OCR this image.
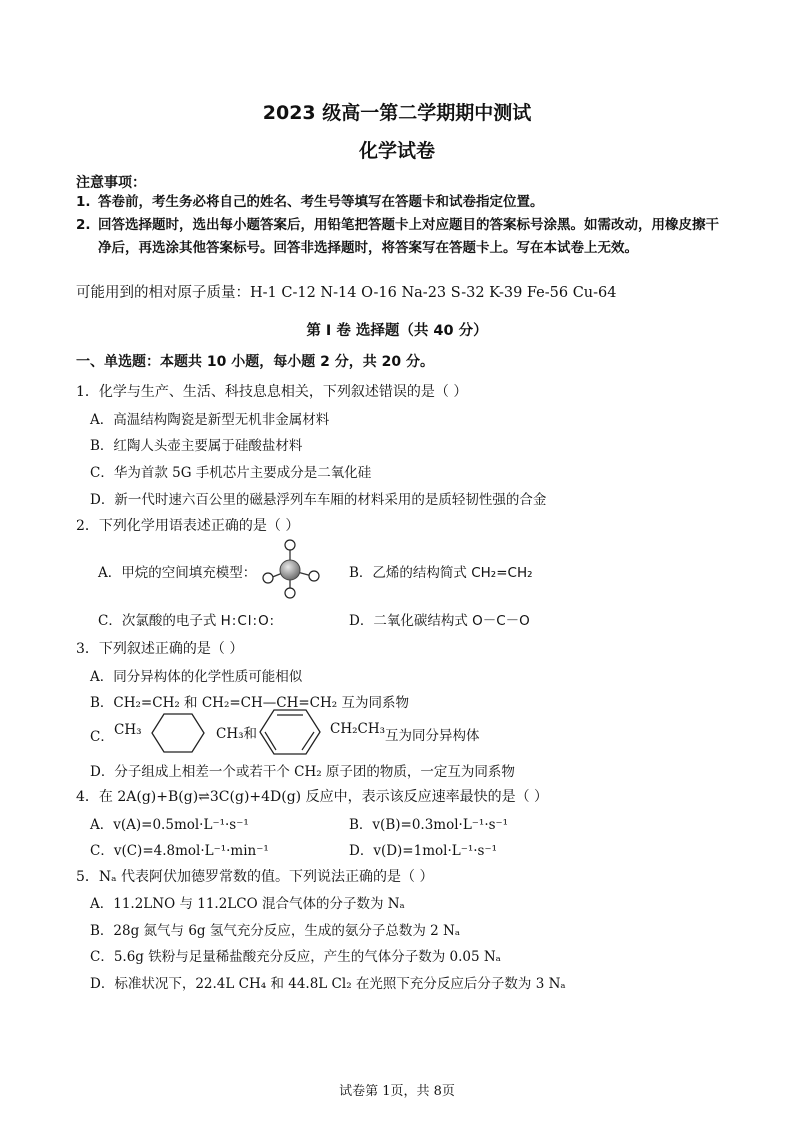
2023 级高一第二学期期中测试
化学试卷
注意事项：
1. 答卷前，考生务必将自己的姓名、考生号等填写在答题卡和试卷指定位置。
2. 回答选择题时，选出每小题答案后，用铅笔把答题卡上对应题目的答案标号涂黑。如需改动，用橡皮擦干净后，再选涂其他答案标号。回答非选择题时，将答案写在答题卡上。写在本试卷上无效。
可能用到的相对原子质量：H-1 C-12 N-14 O-16 Na-23 S-32 K-39 Fe-56 Cu-64
第 Ⅰ 卷 选择题（共 40 分）
一、单选题：本题共 10 小题，每小题 2 分，共 20 分。
1．化学与生产、生活、科技息息相关，下列叙述错误的是（ ）
A．高温结构陶瓷是新型无机非金属材料
B．红陶人头壶主要属于硅酸盐材料
C．华为首款 5G 手机芯片主要成分是二氧化硅
D．新一代时速六百公里的磁悬浮列车车厢的材料采用的是质轻韧性强的合金
2．下列化学用语表述正确的是（ ）
A．甲烷的空间填充模型：	B．乙烯的结构简式 CH₂=CH₂
C．次氯酸的电子式 H:Cl:O:	D．二氧化碳结构式 O－C－O
3．下列叙述正确的是（ ）
A．同分异构体的化学性质可能相似
B．CH₂=CH₂ 和 CH₂=CH—CH=CH₂ 互为同系物
C． CH₃	CH₃和	CH₂CH₃ 互为同分异构体
D．分子组成上相差一个或若干个 CH₂ 原子团的物质，一定互为同系物
4．在 2A(g)+B(g)⇌3C(g)+4D(g) 反应中，表示该反应速率最快的是（ ）
A．v(A)=0.5mol·L⁻¹·s⁻¹	B．v(B)=0.3mol·L⁻¹·s⁻¹
C．v(C)=4.8mol·L⁻¹·min⁻¹	D．v(D)=1mol·L⁻¹·s⁻¹
5．Nₐ 代表阿伏加德罗常数的值。下列说法正确的是（ ）
A．11.2LNO 与 11.2LCO 混合气体的分子数为 Nₐ
B．28g 氮气与 6g 氢气充分反应，生成的氨分子总数为 2 Nₐ
C．5.6g 铁粉与足量稀盐酸充分反应，产生的气体分子数为 0.05 Nₐ
D．标准状况下，22.4L CH₄ 和 44.8L Cl₂ 在光照下充分反应后分子数为 3 Nₐ
试卷第 1页，共 8页
